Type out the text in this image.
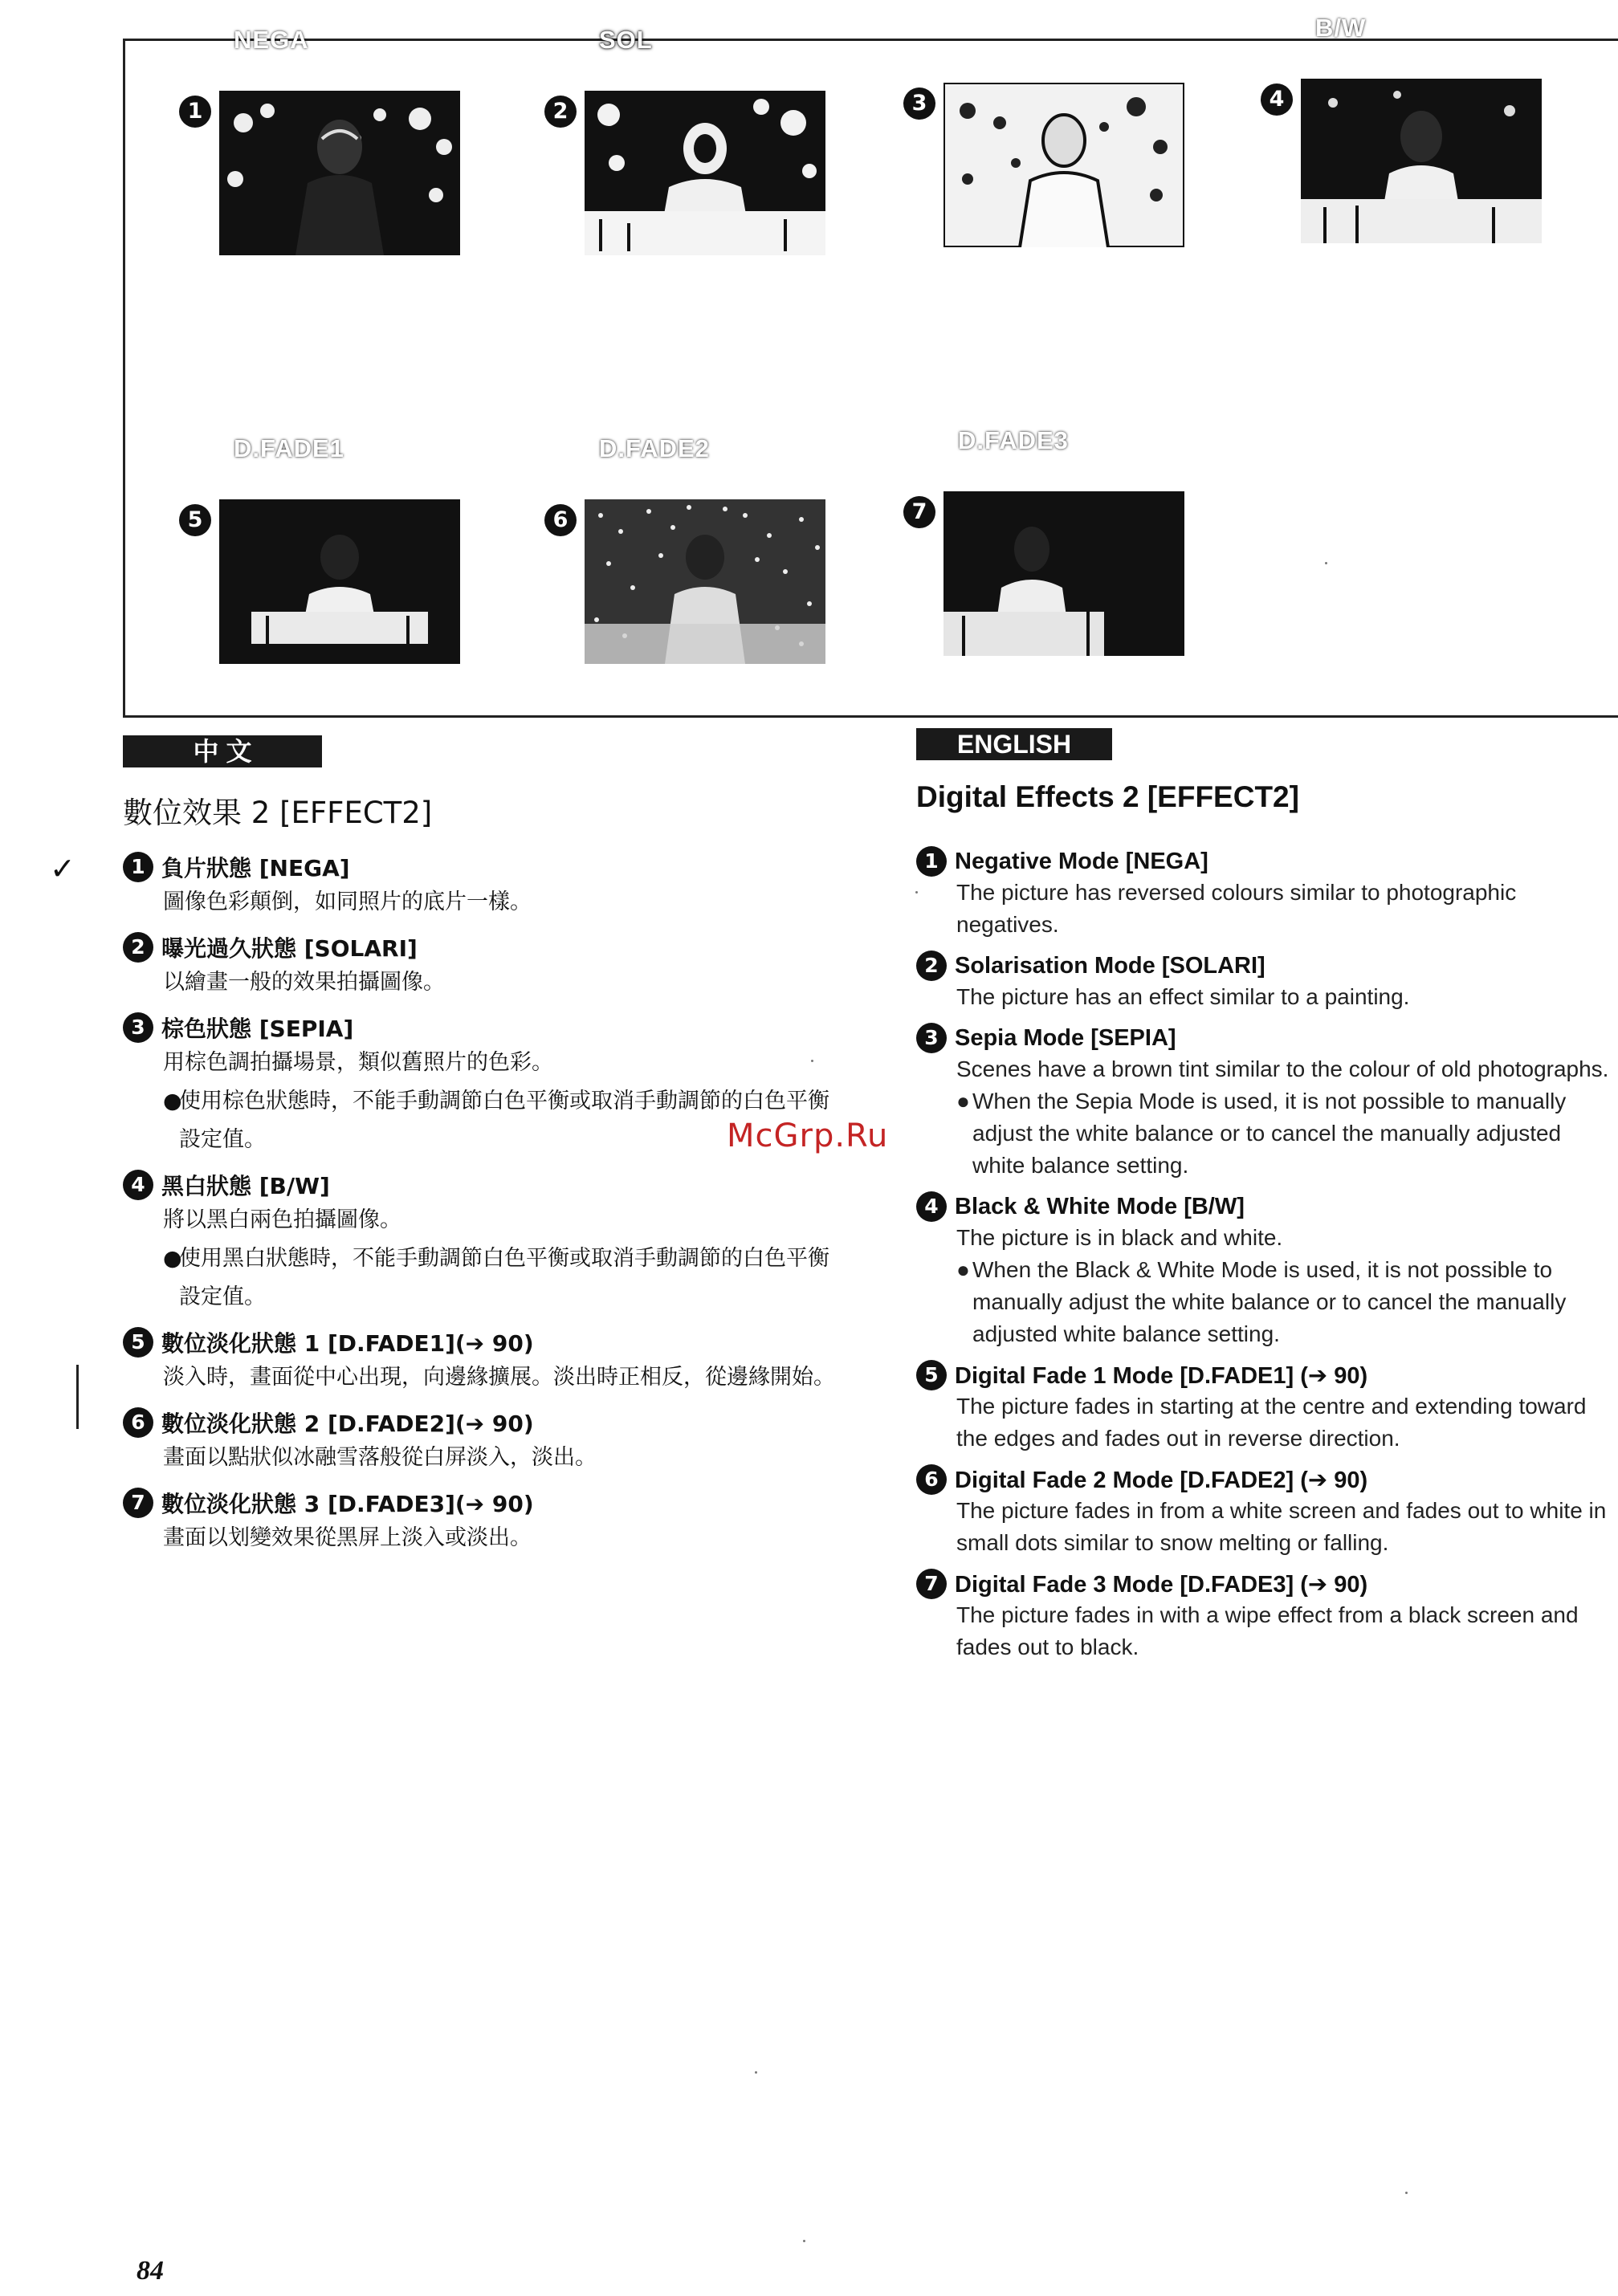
1
NEGA
2
SOL
3	4
B/W
5
D.FADE1
6
D.FADE2
7
D.FADE3
中 文
數位效果 2 [EFFECT2]
1 負片狀態 [NEGA]
圖像色彩顛倒，如同照片的底片一樣。
2 曝光過久狀態 [SOLARI]
以繪畫一般的效果拍攝圖像。
3 棕色狀態 [SEPIA]
用棕色調拍攝場景，類似舊照片的色彩。
●
使用棕色狀態時，不能手動調節白色平衡或取消手動調節的白色平衡設定值。
4 黑白狀態 [B/W]
將以黑白兩色拍攝圖像。
●
使用黑白狀態時，不能手動調節白色平衡或取消手動調節的白色平衡設定值。
5 數位淡化狀態 1 [D.FADE1](➔ 90)
淡入時，畫面從中心出現，向邊緣擴展。淡出時正相反，從邊緣開始。
6 數位淡化狀態 2 [D.FADE2](➔ 90)
畫面以點狀似冰融雪落般從白屏淡入，淡出。
7 數位淡化狀態 3 [D.FADE3](➔ 90)
畫面以划變效果從黑屏上淡入或淡出。
ENGLISH
Digital Effects 2 [EFFECT2]
1 Negative Mode [NEGA]
The picture has reversed colours similar to photographic negatives.
2 Solarisation Mode [SOLARI]
The picture has an effect similar to a painting.
3 Sepia Mode [SEPIA]
Scenes have a brown tint similar to the colour of old photographs.
● When the Sepia Mode is used, it is not possible to manually adjust the white balance or to cancel the manually adjusted white balance setting.
4 Black & White Mode [B/W]
The picture is in black and white.
● When the Black & White Mode is used, it is not possible to manually adjust the white balance or to cancel the manually adjusted white balance setting.
5 Digital Fade 1 Mode [D.FADE1] (➔ 90)
The picture fades in starting at the centre and extending toward the edges and fades out in reverse direction.
6 Digital Fade 2 Mode [D.FADE2] (➔ 90)
The picture fades in from a white screen and fades out to white in small dots similar to snow melting or falling.
7 Digital Fade 3 Mode [D.FADE3] (➔ 90)
The picture fades in with a wipe effect from a black screen and fades out to black.
McGrp.Ru
✓
84
